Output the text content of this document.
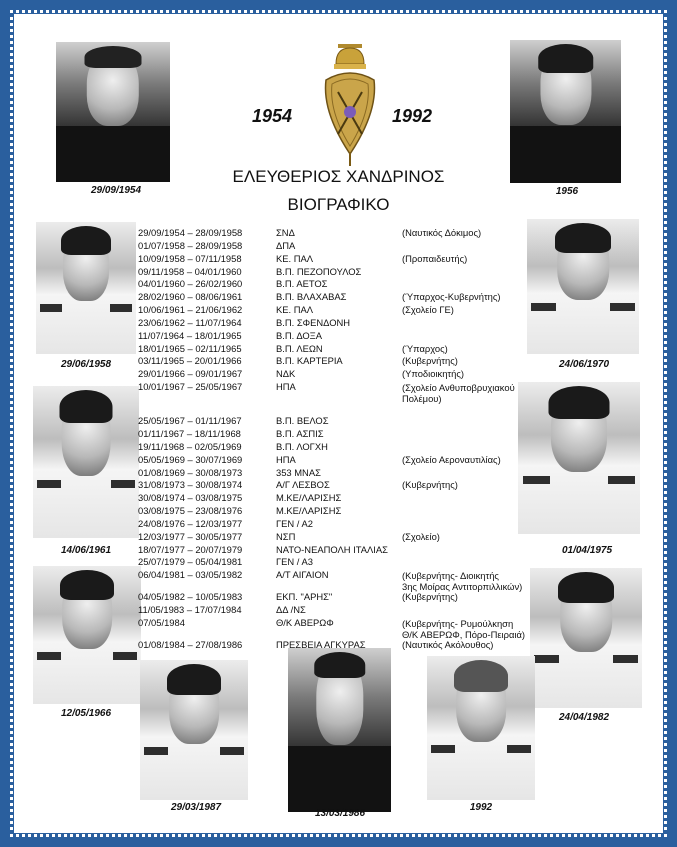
1954	1992
ΕΛΕΥΘΕΡΙΟΣ ΧΑΝΔΡΙΝΟΣ
ΒΙΟΓΡΑΦΙΚΟ
29/09/1954	1956
29/06/1958	24/06/1970
14/06/1961	01/04/1975
12/05/1966	24/04/1982
29/03/1987
13/03/1986
1992
29/09/1954 – 28/09/1958	ΣΝΔ	(Ναυτικός Δόκιμος)
01/07/1958 – 28/09/1958	ΔΠΑ
10/09/1958 – 07/11/1958	ΚΕ. ΠΑΛ	(Προπαιδευτής)
09/11/1958 – 04/01/1960	Β.Π. ΠΕΖΟΠΟΥΛΟΣ
04/01/1960 – 26/02/1960	Β.Π. ΑΕΤΟΣ
28/02/1960 – 08/06/1961	Β.Π. ΒΛΑΧΑΒΑΣ	(Ύπαρχος-Κυβερνήτης)
10/06/1961 – 21/06/1962	ΚΕ. ΠΑΛ	(Σχολείο ΓΕ)
23/06/1962 – 11/07/1964	Β.Π. ΣΦΕΝΔΟΝΗ
11/07/1964 – 18/01/1965	Β.Π. ΔΟΞΑ
18/01/1965 – 02/11/1965	Β.Π. ΛΕΩΝ	(Ύπαρχος)
03/11/1965 – 20/01/1966	Β.Π. ΚΑΡΤΕΡΙΑ	(Κυβερνήτης)
29/01/1966 – 09/01/1967	ΝΔΚ	(Υποδιοικητής)
10/01/1967 – 25/05/1967	ΗΠΑ	(Σχολείο Ανθυποβρυχιακού
Πολέμου)
25/05/1967 – 01/11/1967	Β.Π. ΒΕΛΟΣ
01/11/1967 – 18/11/1968	Β.Π. ΑΣΠΙΣ
19/11/1968 – 02/05/1969	Β.Π. ΛΟΓΧΗ
05/05/1969 – 30/07/1969	ΗΠΑ	(Σχολείο Αεροναυτιλίας)
01/08/1969 – 30/08/1973	353 ΜΝΑΣ
31/08/1973 – 30/08/1974	Α/Γ ΛΕΣΒΟΣ	(Κυβερνήτης)
30/08/1974 – 03/08/1975	Μ.ΚΕ/ΛΑΡΙΣΗΣ
03/08/1975 – 23/08/1976	Μ.ΚΕ/ΛΑΡΙΣΗΣ
24/08/1976 – 12/03/1977	ΓΕΝ / Α2
12/03/1977 – 30/05/1977	ΝΣΠ	(Σχολείο)
18/07/1977 – 20/07/1979	ΝΑΤΟ-ΝΕΑΠΟΛΗ ΙΤΑΛΙΑΣ
25/07/1979 – 05/04/1981	ΓΕΝ / Α3
06/04/1981 – 03/05/1982	Α/Τ ΑΙΓΑΙΟΝ	(Κυβερνήτης- Διοικητής
3ης Μοίρας Αντιτορπιλλικών)
04/05/1982 – 10/05/1983	ΕΚΠ. "ΑΡΗΣ"	(Κυβερνήτης)
11/05/1983 – 17/07/1984	ΔΔ /ΝΣ
07/05/1984	Θ/Κ ΑΒΕΡΩΦ	(Κυβερνήτης- Ρυμούλκηση
Θ/Κ ΑΒΕΡΩΦ, Πόρο-Πειραιά)
01/08/1984 – 27/08/1986	ΠΡΕΣΒΕΙΑ ΑΓΚΥΡΑΣ	(Ναυτικός Ακόλουθος)
